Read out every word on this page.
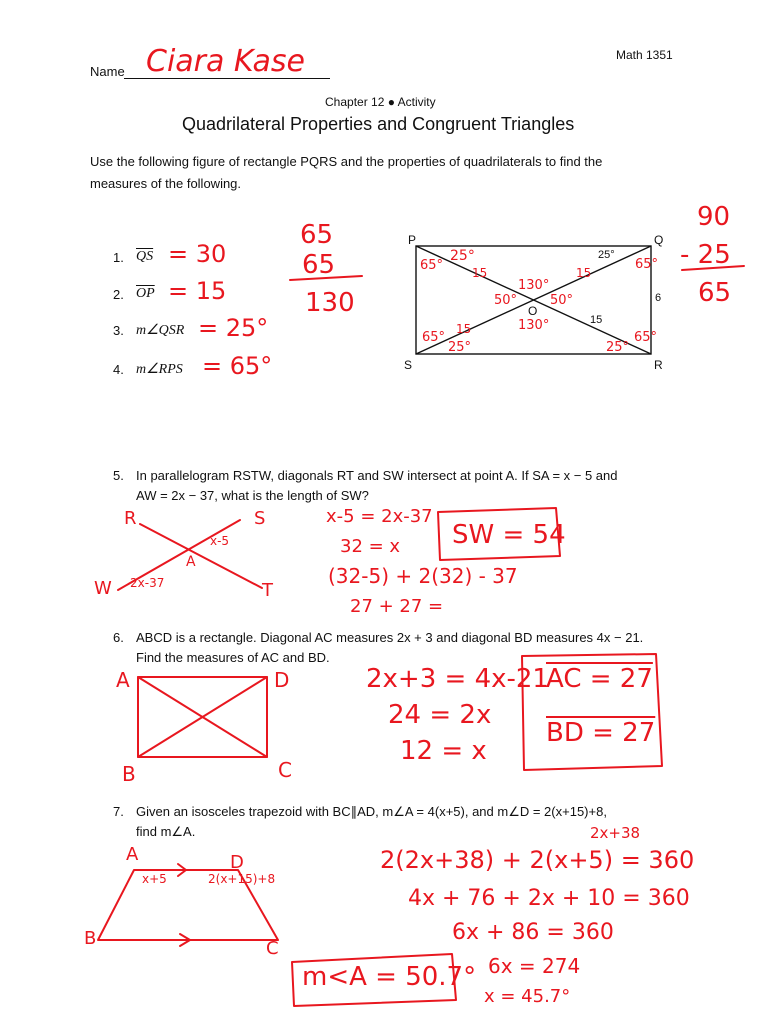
Name Ciara Kase	Math 1351
Chapter 12 ● Activity
Quadrilateral Properties and Congruent Triangles
Use the following figure of rectangle PQRS and the properties of quadrilaterals to find the
measures of the following.
1. $\overline{QS} = 30$
2. $\overline{OP} = 15$
3. m∠QSR = 25°
4. m∠RPS = 65°
65
65
130
90
- 25
65
P	Q
R
S
O
25°
6
15
65°
25°
15	15
65°
130°
50°	50°
130°
65°
15
25°	25°
65°
5. In parallelogram RSTW, diagonals RT and SW intersect at point A. If SA = x − 5 and
AW = 2x − 37, what is the length of SW?
R	S
W	T
A
x-5
2x-37
x-5 = 2x-37
32 = x
(32-5) + 2(32) - 37
27 + 27 =
SW = 54
6. ABCD is a rectangle. Diagonal AC measures 2x + 3 and diagonal BD measures 4x − 21.
Find the measures of AC and BD.
A	D
B	C
2x+3 = 4x-21
24 = 2x
12 = x
AC = 27
BD = 27
7. Given an isosceles trapezoid with BC∥AD, m∠A = 4(x+5), and m∠D = 2(x+15)+8,
find m∠A.	2x+38
A	D
B	C
x+5	2(x+15)+8
2(2x+38) + 2(x+5) = 360
4x + 76 + 2x + 10 = 360
6x + 86 = 360
6x = 274
x = 45.7°
m<A = 50.7°
